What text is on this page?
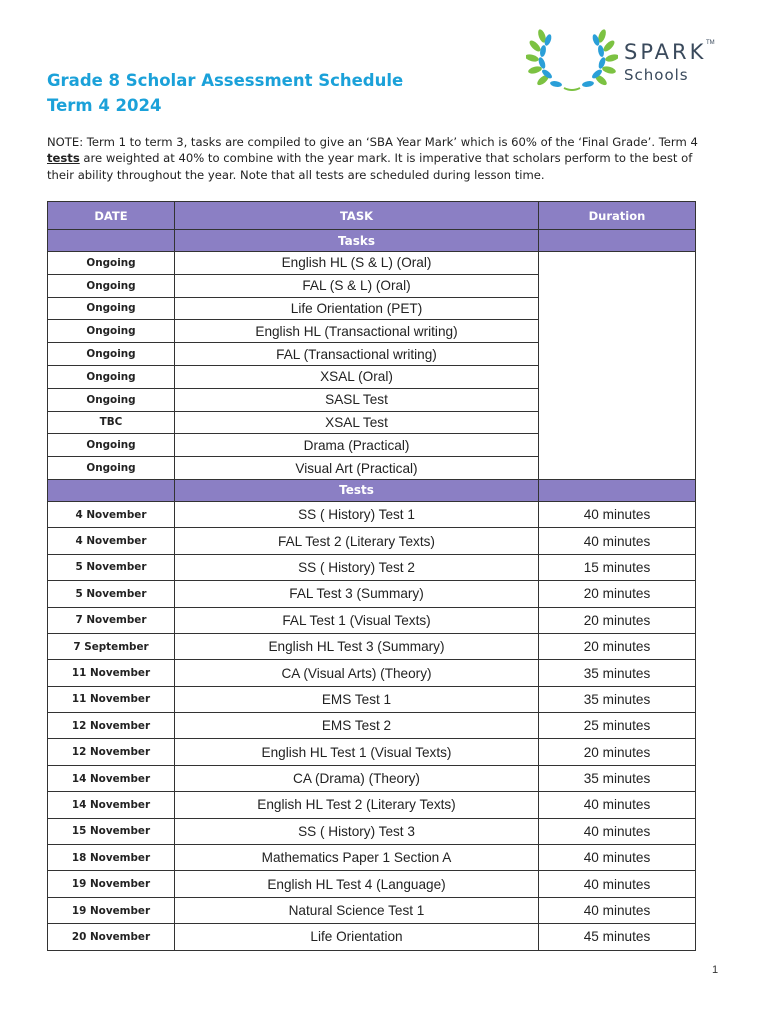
Grade 8 Scholar Assessment Schedule
Term 4 2024
SPARK TM
Schools
NOTE: Term 1 to term 3, tasks are compiled to give an ‘SBA Year Mark’ which is 60% of the ‘Final Grade’. Term 4 tests are weighted at 40% to combine with the year mark. It is imperative that scholars perform to the best of their ability throughout the year. Note that all tests are scheduled during lesson time.
DATE	TASK	Duration
	Tasks	
Ongoing	English HL (S & L) (Oral)	
Ongoing	FAL (S & L) (Oral)	
Ongoing	Life Orientation (PET)	
Ongoing	English HL (Transactional writing)	
Ongoing	FAL (Transactional writing)	
Ongoing	XSAL (Oral)	
Ongoing	SASL Test	
TBC	XSAL Test	
Ongoing	Drama (Practical)	
Ongoing	Visual Art (Practical)	
	Tests	
4 November	SS ( History) Test 1	40 minutes
4 November	FAL Test 2 (Literary Texts)	40 minutes
5 November	SS ( History) Test 2	15 minutes
5 November	FAL Test 3 (Summary)	20 minutes
7 November	FAL Test 1 (Visual Texts)	20 minutes
7 September	English HL Test 3 (Summary)	20 minutes
11 November	CA (Visual Arts) (Theory)	35 minutes
11 November	EMS Test 1	35 minutes
12 November	EMS Test 2	25 minutes
12 November	English HL Test 1 (Visual Texts)	20 minutes
14 November	CA (Drama) (Theory)	35 minutes
14 November	English HL Test 2 (Literary Texts)	40 minutes
15 November	SS ( History) Test 3	40 minutes
18 November	Mathematics Paper 1 Section A	40 minutes
19 November	English HL Test 4 (Language)	40 minutes
19 November	Natural Science Test 1	40 minutes
20 November	Life Orientation	45 minutes
1
